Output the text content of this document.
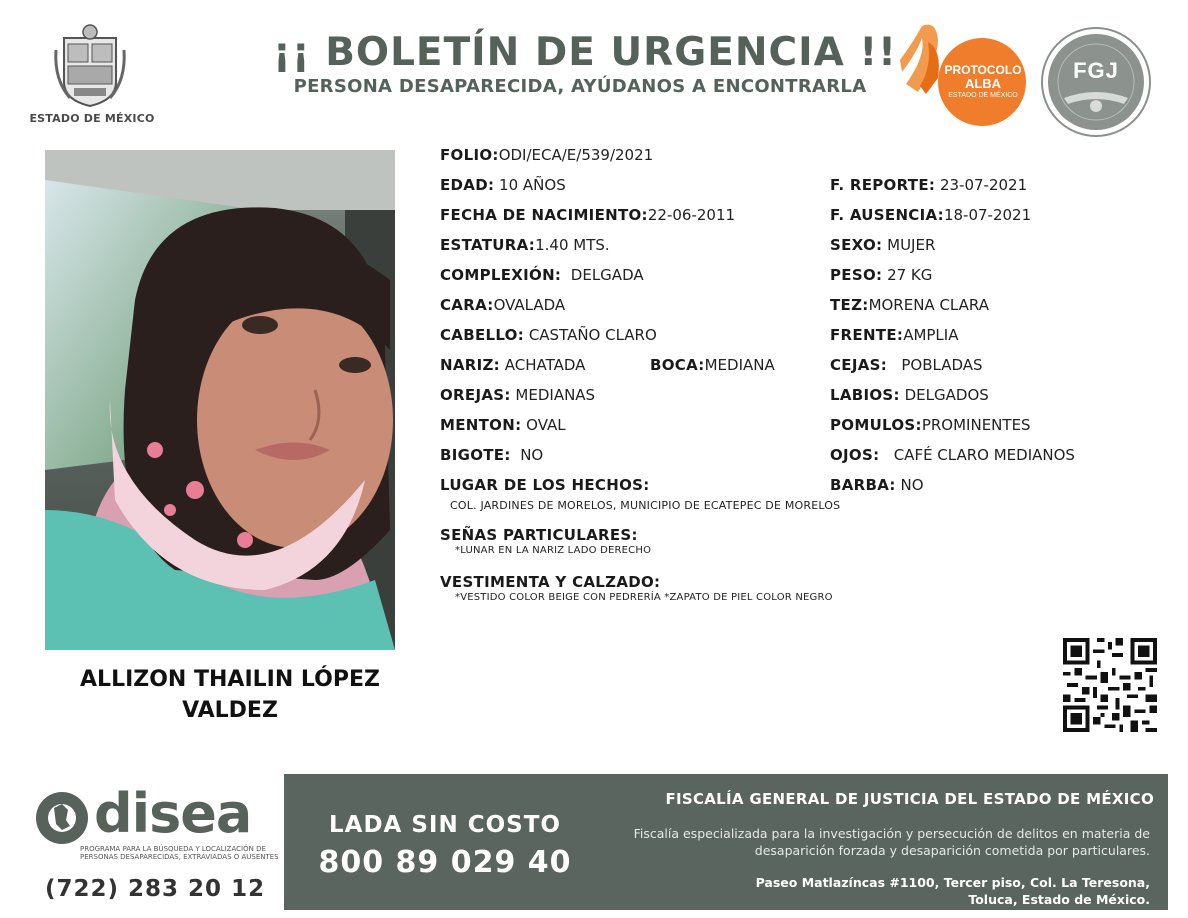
ESTADO DE MÉXICO
¡¡ BOLETÍN DE URGENCIA !!
PERSONA DESAPARECIDA, AYÚDANOS A ENCONTRARLA
PROTOCOLO
ALBA
ESTADO DE MÉXICO
FGJ
ALLIZON THAILIN LÓPEZ
VALDEZ
FOLIO:ODI/ECA/E/539/2021
EDAD: 10 AÑOS	F. REPORTE: 23-07-2021
FECHA DE NACIMIENTO:22-06-2011	F. AUSENCIA:18-07-2021
ESTATURA:1.40 MTS.	SEXO: MUJER
COMPLEXIÓN: DELGADA	PESO: 27 KG
CARA:OVALADA	TEZ:MORENA CLARA
CABELLO: CASTAÑO CLARO	FRENTE:AMPLIA
NARIZ: ACHATADA	BOCA:MEDIANA	CEJAS: POBLADAS
OREJAS: MEDIANAS	LABIOS: DELGADOS
MENTON: OVAL	POMULOS:PROMINENTES
BIGOTE: NO	OJOS: CAFÉ CLARO MEDIANOS
LUGAR DE LOS HECHOS:	BARBA: NO
COL. JARDINES DE MORELOS, MUNICIPIO DE ECATEPEC DE MORELOS
SEÑAS PARTICULARES:
*LUNAR EN LA NARIZ LADO DERECHO
VESTIMENTA Y CALZADO:
*VESTIDO COLOR BEIGE CON PEDRERÍA *ZAPATO DE PIEL COLOR NEGRO
disea
PROGRAMA PARA LA BÚSQUEDA Y LOCALIZACIÓN DE PERSONAS DESAPARECIDAS, EXTRAVIADAS O AUSENTES
(722) 283 20 12
LADA SIN COSTO
800 89 029 40
FISCALÍA GENERAL DE JUSTICIA DEL ESTADO DE MÉXICO
Fiscalía especializada para la investigación y persecución de delitos en materia de desaparición forzada y desaparición cometida por particulares.
Paseo Matlazíncas #1100, Tercer piso, Col. La Teresona,
Toluca, Estado de México.
